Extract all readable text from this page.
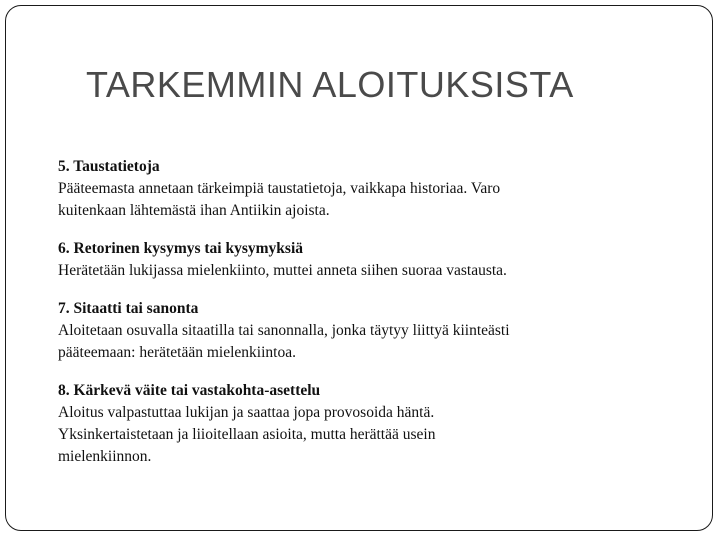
TARKEMMIN ALOITUKSISTA
5. Taustatietoja
Pääteemasta annetaan tärkeimpiä taustatietoja, vaikkapa historiaa. Varo
kuitenkaan lähtemästä ihan Antiikin ajoista.
6. Retorinen kysymys tai kysymyksiä
Herätetään lukijassa mielenkiinto, muttei anneta siihen suoraa vastausta.
7. Sitaatti tai sanonta
Aloitetaan osuvalla sitaatilla tai sanonnalla, jonka täytyy liittyä kiinteästi
pääteemaan: herätetään mielenkiintoa.
8. Kärkevä väite tai vastakohta-asettelu
Aloitus valpastuttaa lukijan ja saattaa jopa provosoida häntä.
Yksinkertaistetaan ja liioitellaan asioita, mutta herättää usein
mielenkiinnon.
